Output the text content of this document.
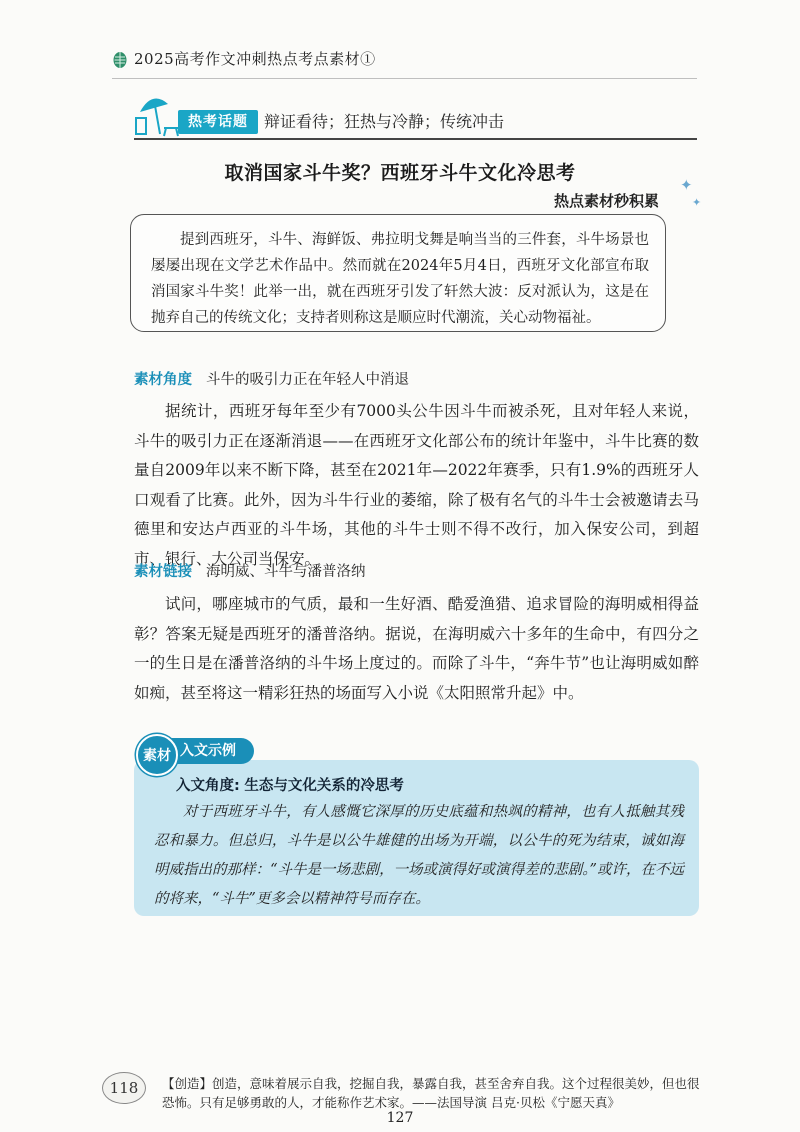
2025高考作文冲刺热点考点素材①
热考话题	辩证看待；狂热与冷静；传统冲击
取消国家斗牛奖？西班牙斗牛文化冷思考
热点素材秒积累
✦
✦

提到西班牙，斗牛、海鲜饭、弗拉明戈舞是响当当的三件套，斗牛场景也屡屡出现在文学艺术作品中。然而就在2024年5月4日，西班牙文化部宣布取消国家斗牛奖！此举一出，就在西班牙引发了轩然大波：反对派认为，这是在抛弃自己的传统文化；支持者则称这是顺应时代潮流，关心动物福祉。

素材角度 斗牛的吸引力正在年轻人中消退

据统计，西班牙每年至少有7000头公牛因斗牛而被杀死，且对年轻人来说，斗牛的吸引力正在逐渐消退——在西班牙文化部公布的统计年鉴中，斗牛比赛的数量自2009年以来不断下降，甚至在2021年—2022年赛季，只有1.9%的西班牙人口观看了比赛。此外，因为斗牛行业的萎缩，除了极有名气的斗牛士会被邀请去马德里和安达卢西亚的斗牛场，其他的斗牛士则不得不改行，加入保安公司，到超市、银行、大公司当保安。

素材链接 海明威、斗牛与潘普洛纳

试问，哪座城市的气质，最和一生好酒、酷爱渔猎、追求冒险的海明威相得益彰？答案无疑是西班牙的潘普洛纳。据说，在海明威六十多年的生命中，有四分之一的生日是在潘普洛纳的斗牛场上度过的。而除了斗牛，“奔牛节”也让海明威如醉如痴，甚至将这一精彩狂热的场面写入小说《太阳照常升起》中。

入文示例
素材
入文角度: 生态与文化关系的冷思考

对于西班牙斗牛，有人感慨它深厚的历史底蕴和热飒的精神，也有人抵触其残忍和暴力。但总归，斗牛是以公牛雄健的出场为开端，以公牛的死为结束，诚如海明威指出的那样：“斗牛是一场悲剧，一场或演得好或演得差的悲剧。”或许，在不远的将来，“斗牛”更多会以精神符号而存在。

118	【创造】创造，意味着展示自我，挖掘自我，暴露自我，甚至舍弃自我。这个过程很美妙，但也很恐怖。只有足够勇敢的人，才能称作艺术家。——法国导演 吕克·贝松《宁愿天真》

127
